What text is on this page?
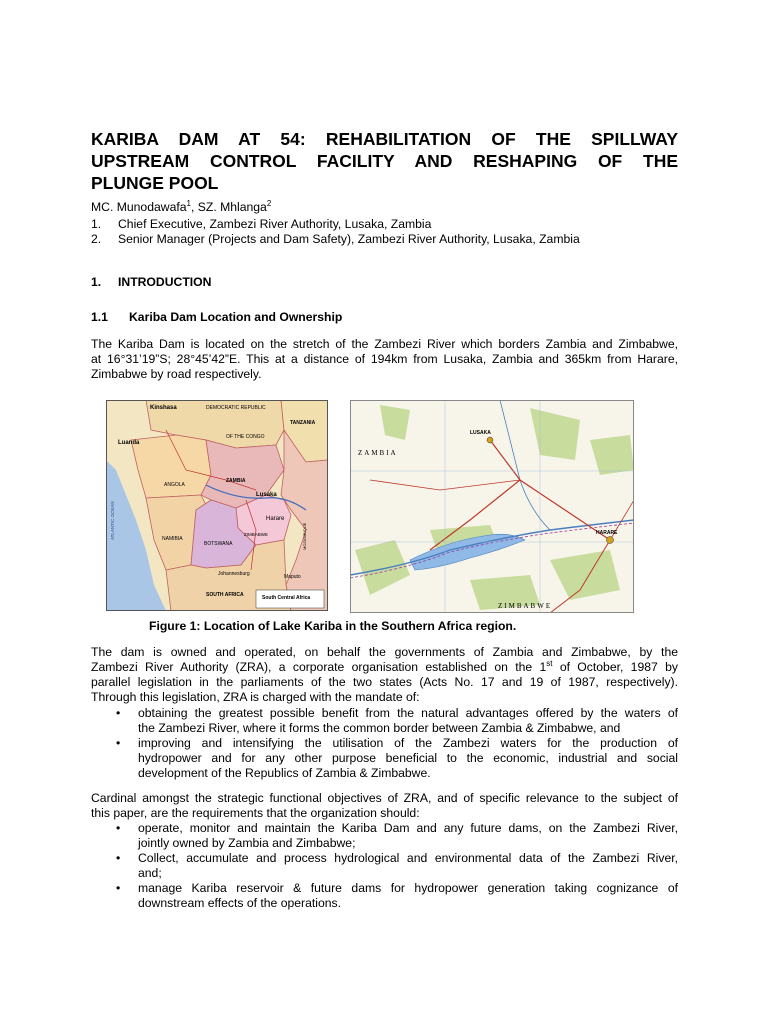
KARIBA DAM AT 54: REHABILITATION OF THE SPILLWAY
UPSTREAM CONTROL FACILITY AND RESHAPING OF THE
PLUNGE POOL
MC. Munodawafa$^1$, SZ. Mhlanga$^2$
1. Chief Executive, Zambezi River Authority, Lusaka, Zambia
2. Senior Manager (Projects and Dam Safety), Zambezi River Authority, Lusaka, Zambia
1. INTRODUCTION
1.1 Kariba Dam Location and Ownership
The Kariba Dam is located on the stretch of the Zambezi River which borders Zambia and Zimbabwe,
at 16°31’19”S; 28°45’42”E. This at a distance of 194km from Lusaka, Zambia and 365km from Harare,
Zimbabwe by road respectively.
Kinshasa	DEMOCRATIC REPUBLIC
OF THE CONGO
TANZANIA
Luanda
ANGOLA
ZAMBIA
Lusaka
Harare
ZIMBABWE
NAMIBIA
BOTSWANA
SOUTH AFRICA
Johannesburg	Maputo
ATLANTIC OCEAN	MOZAMBIQUE
South Central Africa
ZAMBIA
LUSAKA
HARARE
ZIMBABWE
Figure 1: Location of Lake Kariba in the Southern Africa region.
The dam is owned and operated, on behalf the governments of Zambia and Zimbabwe, by the
Zambezi River Authority (ZRA), a corporate organisation established on the 1st of October, 1987 by
parallel legislation in the parliaments of the two states (Acts No. 17 and 19 of 1987, respectively).
Through this legislation, ZRA is charged with the mandate of:
• obtaining the greatest possible benefit from the natural advantages offered by the waters of
the Zambezi River, where it forms the common border between Zambia & Zimbabwe, and
• improving and intensifying the utilisation of the Zambezi waters for the production of
hydropower and for any other purpose beneficial to the economic, industrial and social
development of the Republics of Zambia & Zimbabwe.
Cardinal amongst the strategic functional objectives of ZRA, and of specific relevance to the subject of
this paper, are the requirements that the organization should:
• operate, monitor and maintain the Kariba Dam and any future dams, on the Zambezi River,
jointly owned by Zambia and Zimbabwe;
• Collect, accumulate and process hydrological and environmental data of the Zambezi River,
and;
• manage Kariba reservoir & future dams for hydropower generation taking cognizance of
downstream effects of the operations.
